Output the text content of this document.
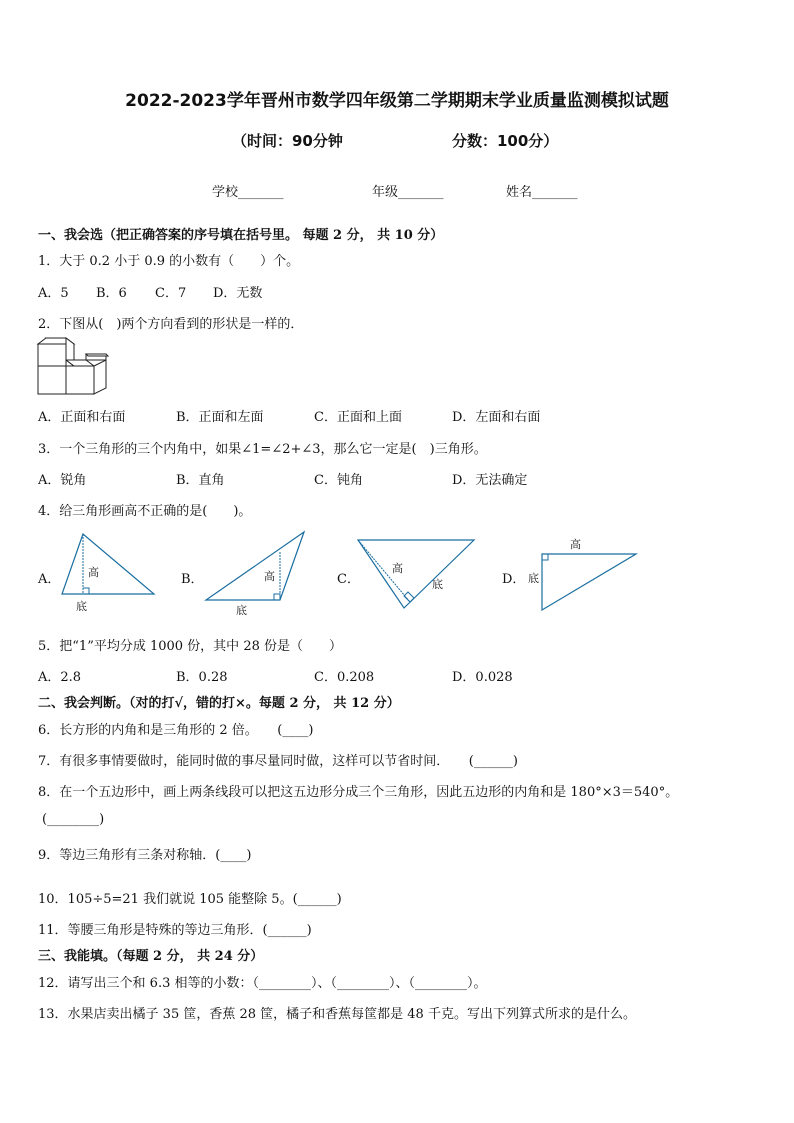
2022-2023学年晋州市数学四年级第二学期期末学业质量监测模拟试题
（时间：90分钟	分数：100分）
学校_______	年级_______	姓名_______
一、我会选（把正确答案的序号填在括号里。 每题 2 分， 共 10 分）
1．大于 0.2 小于 0.9 的小数有（　　）个。
A．5 B．6 C．7 D．无数
2．下图从(　)两个方向看到的形状是一样的．
A．正面和右面	B．正面和左面	C．正面和上面	D．左面和右面
3．一个三角形的三个内角中，如果∠1=∠2+∠3，那么它一定是(　)三角形。
A．锐角	B．直角	C．钝角	D．无法确定
4．给三角形画高不正确的是(　　)。
A．	高
底
B．	高
底
C．
高
底	D．
高
底
5．把“1”平均分成 1000 份，其中 28 份是（　　）
A．2.8	B．0.28	C．0.208	D．0.028
二、我会判断。（对的打√，错的打×。每题 2 分， 共 12 分）
6．长方形的内角和是三角形的 2 倍。　　(____)
7．有很多事情要做时，能同时做的事尽量同时做，这样可以节省时间．　　(______)
8．在一个五边形中，画上两条线段可以把这五边形分成三个三角形，因此五边形的内角和是 180°×3＝540°。
(________)
9．等边三角形有三条对称轴．(____)
10．105÷5=21 我们就说 105 能整除 5。(______)
11．等腰三角形是特殊的等边三角形．(______)
三、我能填。（每题 2 分， 共 24 分）
12．请写出三个和 6.3 相等的小数：（________）、（________）、（________）。
13．水果店卖出橘子 35 筐，香蕉 28 筐，橘子和香蕉每筐都是 48 千克。写出下列算式所求的是什么。
